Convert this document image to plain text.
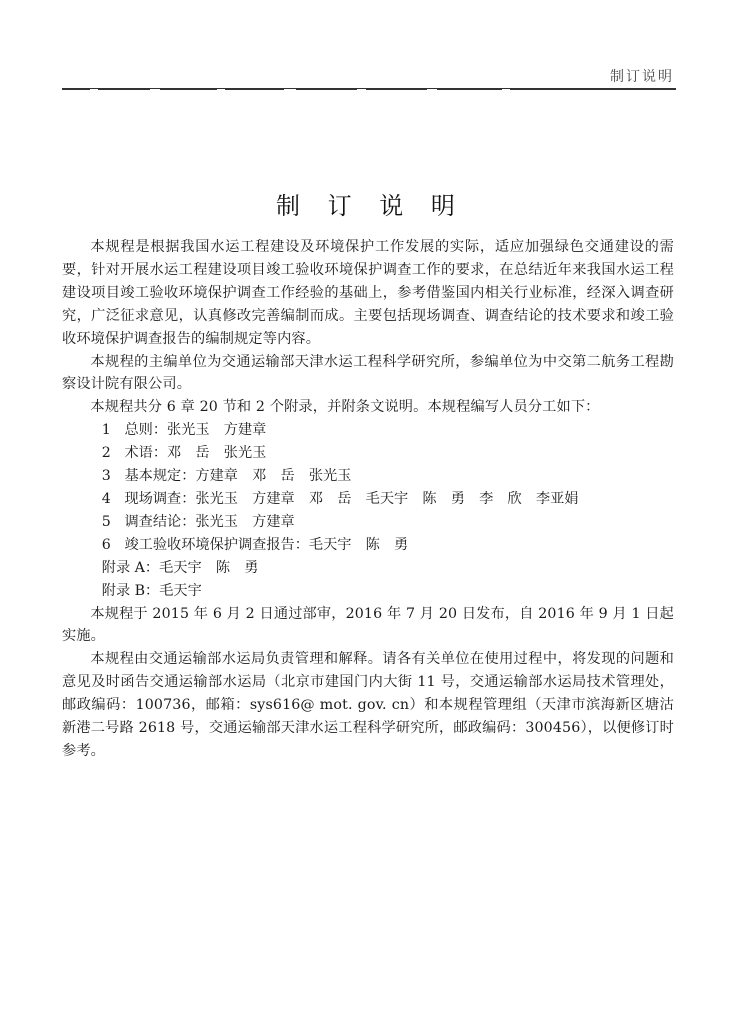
制订说明
制 订 说 明

本规程是根据我国水运工程建设及环境保护工作发展的实际，适应加强绿色交通建设的需要，针对开展水运工程建设项目竣工验收环境保护调查工作的要求，在总结近年来我国水运工程建设项目竣工验收环境保护调查工作经验的基础上，参考借鉴国内相关行业标准，经深入调查研究，广泛征求意见，认真修改完善编制而成。主要包括现场调查、调查结论的技术要求和竣工验收环境保护调查报告的编制规定等内容。

本规程的主编单位为交通运输部天津水运工程科学研究所，参编单位为中交第二航务工程勘察设计院有限公司。

本规程共分 6 章 20 节和 2 个附录，并附条文说明。本规程编写人员分工如下：

1 总则：张光玉　方建章

2 术语：邓　岳　张光玉

3 基本规定：方建章　邓　岳　张光玉

4 现场调查：张光玉　方建章　邓　岳　毛天宇　陈　勇　李　欣　李亚娟

5 调查结论：张光玉　方建章

6 竣工验收环境保护调查报告：毛天宇　陈　勇

附录 A：毛天宇　陈　勇

附录 B：毛天宇

本规程于 2015 年 6 月 2 日通过部审，2016 年 7 月 20 日发布，自 2016 年 9 月 1 日起实施。

本规程由交通运输部水运局负责管理和解释。请各有关单位在使用过程中，将发现的问题和意见及时函告交通运输部水运局（北京市建国门内大街 11 号，交通运输部水运局技术管理处，邮政编码：100736，邮箱：sys616@ mot. gov. cn）和本规程管理组（天津市滨海新区塘沽新港二号路 2618 号，交通运输部天津水运工程科学研究所，邮政编码：300456），以便修订时参考。
